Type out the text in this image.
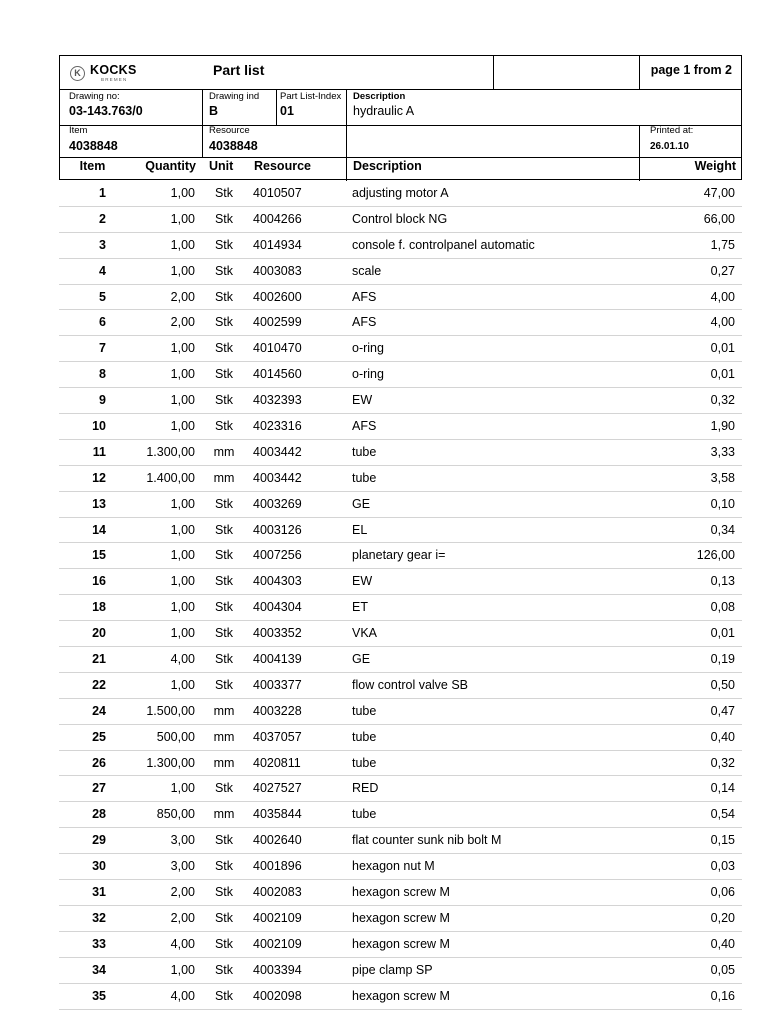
K KOCKS
BREMEN
Part list	page 1 from 2
Drawing no:
03-143.763/0
Drawing ind
B
Part List-Index
01
Description
hydraulic A
Item
4038848
Resource
4038848
Printed at:
26.01.10
Item	Quantity Unit Resource	Description	Weight
1	1,00	Stk	4010507	adjusting motor A	47,00
2	1,00	Stk	4004266	Control block NG	66,00
3	1,00	Stk	4014934	console f. controlpanel automatic	1,75
4	1,00	Stk	4003083	scale	0,27
5	2,00	Stk	4002600	AFS	4,00
6	2,00	Stk	4002599	AFS	4,00
7	1,00	Stk	4010470	o-ring	0,01
8	1,00	Stk	4014560	o-ring	0,01
9	1,00	Stk	4032393	EW	0,32
10	1,00	Stk	4023316	AFS	1,90
11	1.300,00	mm	4003442	tube	3,33
12	1.400,00	mm	4003442	tube	3,58
13	1,00	Stk	4003269	GE	0,10
14	1,00	Stk	4003126	EL	0,34
15	1,00	Stk	4007256	planetary gear i=	126,00
16	1,00	Stk	4004303	EW	0,13
18	1,00	Stk	4004304	ET	0,08
20	1,00	Stk	4003352	VKA	0,01
21	4,00	Stk	4004139	GE	0,19
22	1,00	Stk	4003377	flow control valve SB	0,50
24	1.500,00	mm	4003228	tube	0,47
25	500,00	mm	4037057	tube	0,40
26	1.300,00	mm	4020811	tube	0,32
27	1,00	Stk	4027527	RED	0,14
28	850,00	mm	4035844	tube	0,54
29	3,00	Stk	4002640	flat counter sunk nib bolt M	0,15
30	3,00	Stk	4001896	hexagon nut M	0,03
31	2,00	Stk	4002083	hexagon screw M	0,06
32	2,00	Stk	4002109	hexagon screw M	0,20
33	4,00	Stk	4002109	hexagon screw M	0,40
34	1,00	Stk	4003394	pipe clamp SP	0,05
35	4,00	Stk	4002098	hexagon screw M	0,16
